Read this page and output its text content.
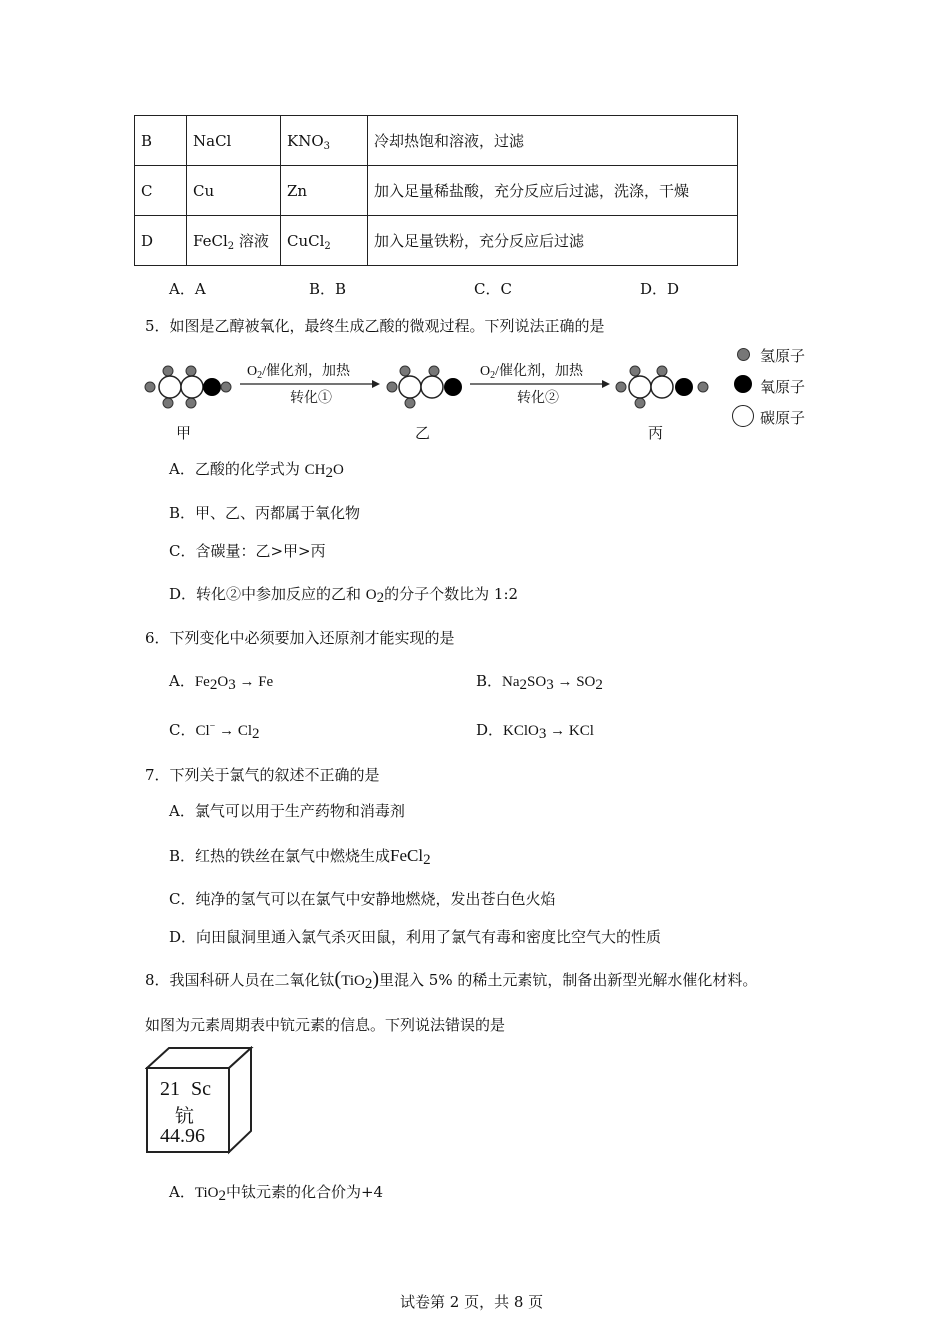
B	NaCl	$KNO_3$	冷却热饱和溶液，过滤
C	Cu	Zn	加入足量稀盐酸，充分反应后过滤，洗涤，干燥
D	FeCl$_2$ 溶液	CuCl$_2$	加入足量铁粉，充分反应后过滤
A．A	B．B	C．C	D．D
5．如图是乙醇被氧化，最终生成乙酸的微观过程。下列说法正确的是
$O_2/$催化剂，加热
转化①
$O_2/$催化剂，加热
转化②
甲	乙	丙
氢原子
氧原子
碳原子
A．乙酸的化学式为 $CH_2O$
B．甲、乙、丙都属于氧化物
C．含碳量：乙>甲>丙
D．转化②中参加反应的乙和 $O_2$的分子个数比为 1:2
6．下列变化中必须要加入还原剂才能实现的是
A．$Fe_2O_3 \to Fe$	B．$Na_2SO_3 \to SO_2$
C．$Cl^- \to Cl_2$	D．KClO$_3$ → KCl
7．下列关于氯气的叙述不正确的是
A．氯气可以用于生产药物和消毒剂
B．红热的铁丝在氯气中燃烧生成FeCl$_2$
C．纯净的氢气可以在氯气中安静地燃烧，发出苍白色火焰
D．向田鼠洞里通入氯气杀灭田鼠，利用了氯气有毒和密度比空气大的性质
8．我国科研人员在二氧化钛(TiO$_2$)里混入 5% 的稀土元素钪，制备出新型光解水催化材料。
如图为元素周期表中钪元素的信息。下列说法错误的是
21 Sc
钪
44.96
A．TiO$_2$中钛元素的化合价为+4
试卷第 2 页，共 8 页
